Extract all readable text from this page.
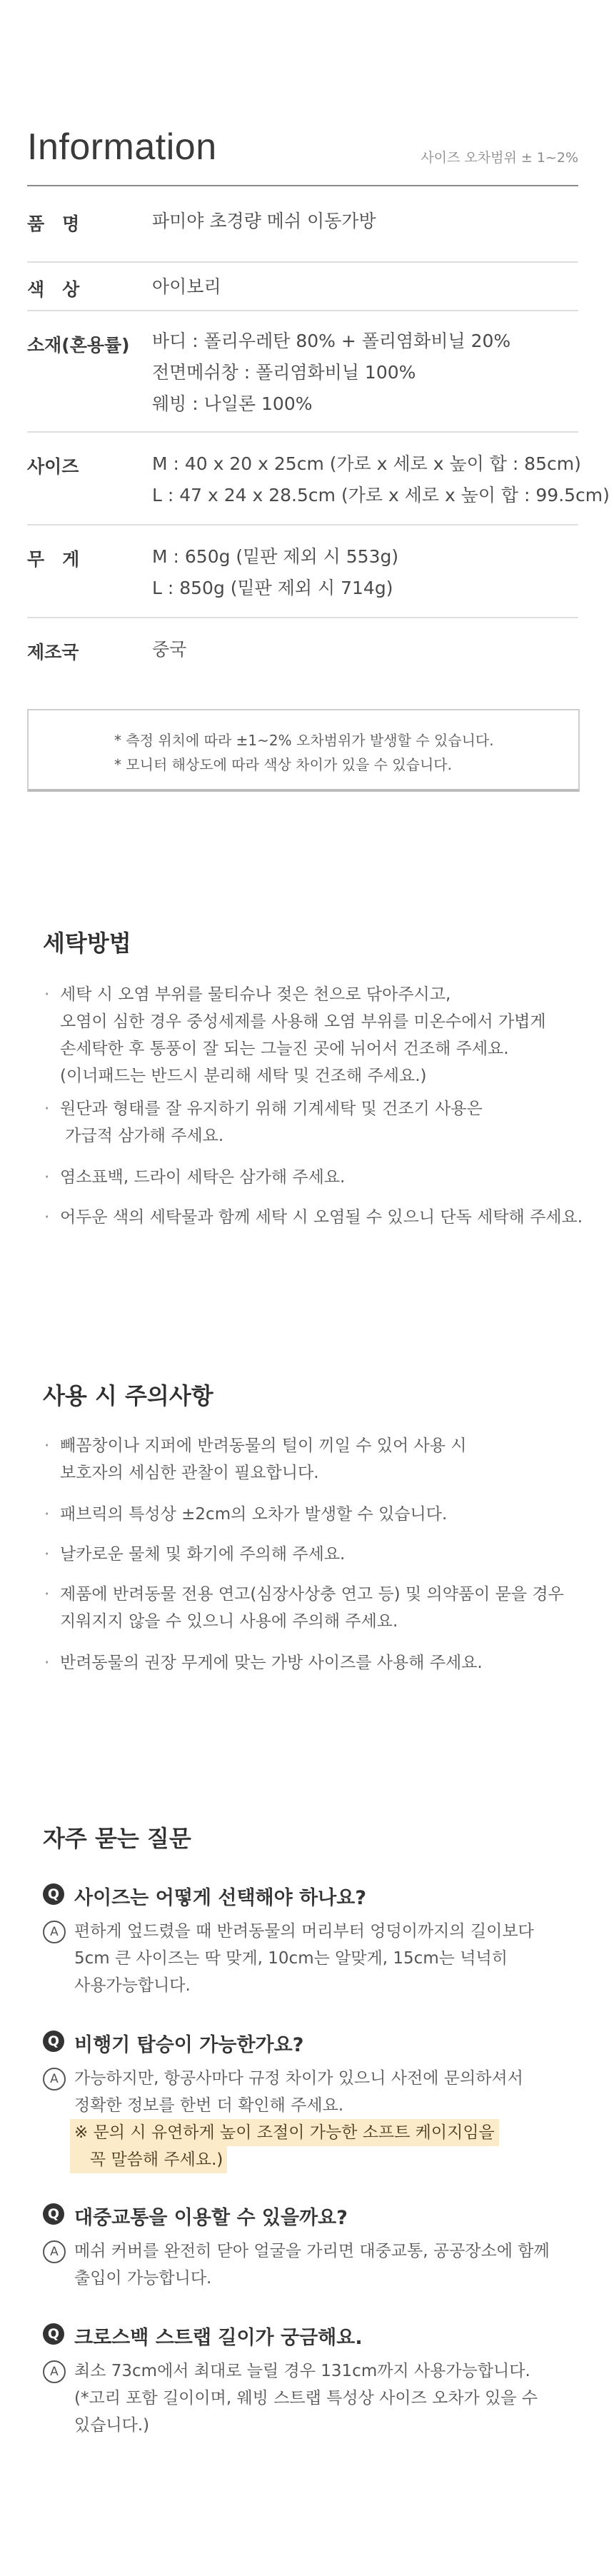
Information	사이즈 오차범위 ± 1~2%
품　명	파미야 초경량 메쉬 이동가방
색　상	아이보리
소재(혼용률) 바디 : 폴리우레탄 80% + 폴리염화비닐 20%
전면메쉬창 : 폴리염화비닐 100%
웨빙 : 나일론 100%
사이즈	M : 40 x 20 x 25cm (가로 x 세로 x 높이 합 : 85cm)
L : 47 x 24 x 28.5cm (가로 x 세로 x 높이 합 : 99.5cm)
무　게	M : 650g (밑판 제외 시 553g)
L : 850g (밑판 제외 시 714g)
제조국	중국
* 측정 위치에 따라 ±1~2% 오차범위가 발생할 수 있습니다.
* 모니터 해상도에 따라 색상 차이가 있을 수 있습니다.
세탁방법
· 세탁 시 오염 부위를 물티슈나 젖은 천으로 닦아주시고,
오염이 심한 경우 중성세제를 사용해 오염 부위를 미온수에서 가볍게
손세탁한 후 통풍이 잘 되는 그늘진 곳에 뉘어서 건조해 주세요.
(이너패드는 반드시 분리해 세탁 및 건조해 주세요.)
· 원단과 형태를 잘 유지하기 위해 기계세탁 및 건조기 사용은
가급적 삼가해 주세요.
· 염소표백, 드라이 세탁은 삼가해 주세요.
· 어두운 색의 세탁물과 함께 세탁 시 오염될 수 있으니 단독 세탁해 주세요.
사용 시 주의사항
· 빼꼼창이나 지퍼에 반려동물의 털이 끼일 수 있어 사용 시
보호자의 세심한 관찰이 필요합니다.
· 패브릭의 특성상 ±2cm의 오차가 발생할 수 있습니다.
· 날카로운 물체 및 화기에 주의해 주세요.
· 제품에 반려동물 전용 연고(심장사상충 연고 등) 및 의약품이 묻을 경우
지워지지 않을 수 있으니 사용에 주의해 주세요.
· 반려동물의 권장 무게에 맞는 가방 사이즈를 사용해 주세요.
자주 묻는 질문
Q 사이즈는 어떻게 선택해야 하나요?
A 편하게 엎드렸을 때 반려동물의 머리부터 엉덩이까지의 길이보다
5cm 큰 사이즈는 딱 맞게, 10cm는 알맞게, 15cm는 넉넉히
사용가능합니다.
Q 비행기 탑승이 가능한가요?
A 가능하지만, 항공사마다 규정 차이가 있으니 사전에 문의하셔서
정확한 정보를 한번 더 확인해 주세요.
※ 문의 시 유연하게 높이 조절이 가능한 소프트 케이지임을
꼭 말씀해 주세요.)
Q 대중교통을 이용할 수 있을까요?
A 메쉬 커버를 완전히 닫아 얼굴을 가리면 대중교통, 공공장소에 함께
출입이 가능합니다.
Q 크로스백 스트랩 길이가 궁금해요.
A 최소 73cm에서 최대로 늘릴 경우 131cm까지 사용가능합니다.
(*고리 포함 길이이며, 웨빙 스트랩 특성상 사이즈 오차가 있을 수
있습니다.)
